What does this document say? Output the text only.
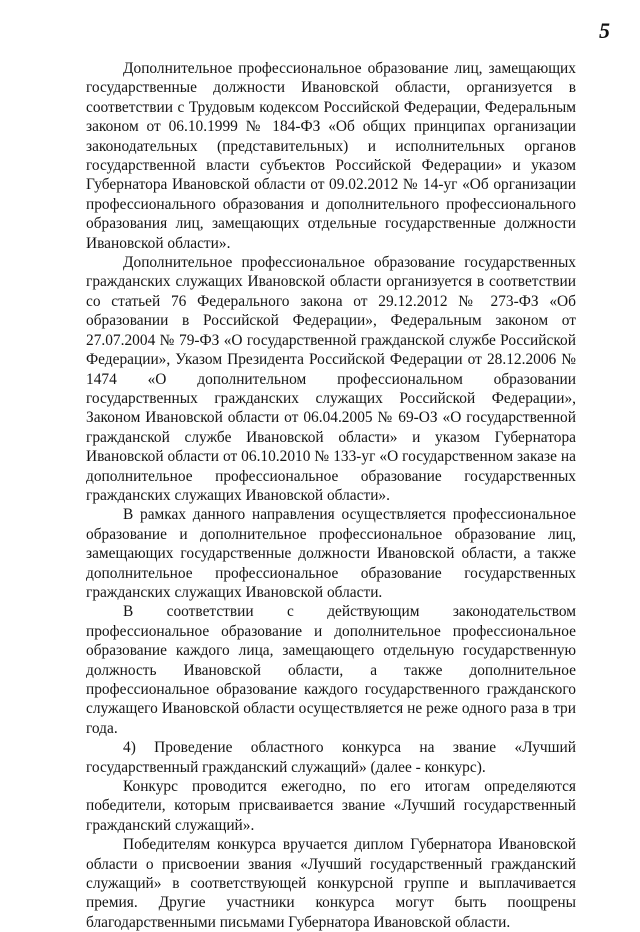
5

Дополнительное профессиональное образование лиц, замещающих государственные должности Ивановской области, организуется в соответствии с Трудовым кодексом Российской Федерации, Федеральным законом от 06.10.1999 № 184-ФЗ «Об общих принципах организации законодательных (представительных) и исполнительных органов государственной власти субъектов Российской Федерации» и указом Губернатора Ивановской области от 09.02.2012 № 14-уг «Об организации профессионального образования и дополнительного профессионального образования лиц, замещающих отдельные государственные должности Ивановской области».

Дополнительное профессиональное образование государственных гражданских служащих Ивановской области организуется в соответствии со статьей 76 Федерального закона от 29.12.2012 № 273-ФЗ «Об образовании в Российской Федерации», Федеральным законом от 27.07.2004 № 79-ФЗ «О государственной гражданской службе Российской Федерации», Указом Президента Российской Федерации от 28.12.2006 № 1474 «О дополнительном профессиональном образовании государственных гражданских служащих Российской Федерации», Законом Ивановской области от 06.04.2005 № 69-ОЗ «О государственной гражданской службе Ивановской области» и указом Губернатора Ивановской области от 06.10.2010 № 133-уг «О государственном заказе на дополнительное профессиональное образование государственных гражданских служащих Ивановской области».

В рамках данного направления осуществляется профессиональное образование и дополнительное профессиональное образование лиц, замещающих государственные должности Ивановской области, а также дополнительное профессиональное образование государственных гражданских служащих Ивановской области.

В соответствии с действующим законодательством профессиональное образование и дополнительное профессиональное образование каждого лица, замещающего отдельную государственную должность Ивановской области, а также дополнительное профессиональное образование каждого государственного гражданского служащего Ивановской области осуществляется не реже одного раза в три года.

4) Проведение областного конкурса на звание «Лучший государственный гражданский служащий» (далее - конкурс).

Конкурс проводится ежегодно, по его итогам определяются победители, которым присваивается звание «Лучший государственный гражданский служащий».

Победителям конкурса вручается диплом Губернатора Ивановской области о присвоении звания «Лучший государственный гражданский служащий» в соответствующей конкурсной группе и выплачивается премия. Другие участники конкурса могут быть поощрены благодарственными письмами Губернатора Ивановской области.
